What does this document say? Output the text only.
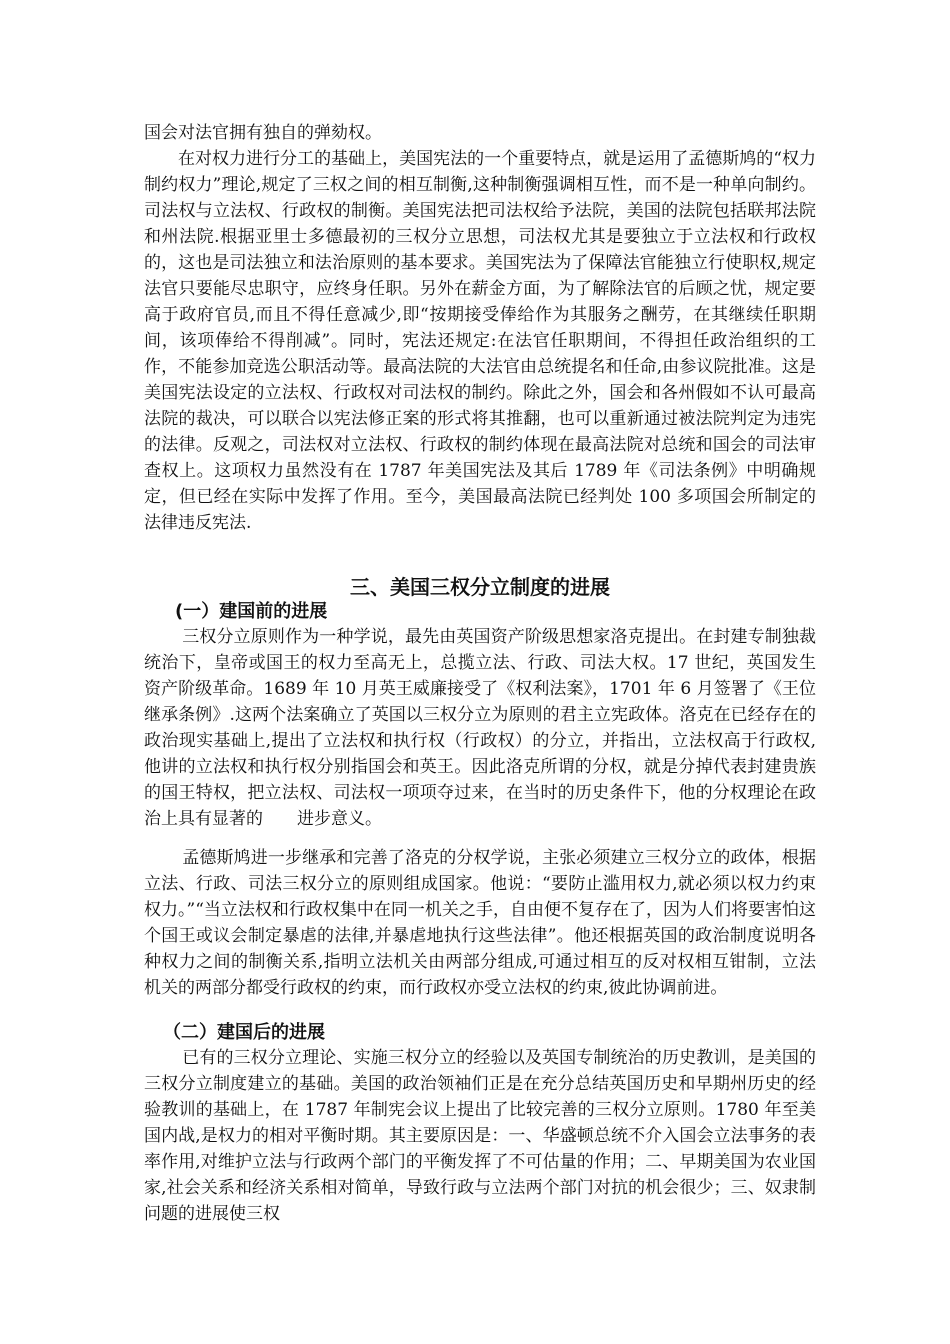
国会对法官拥有独自的弹劾权。

在对权力进行分工的基础上，美国宪法的一个重要特点，就是运用了孟德斯鸠的“权力制约权力”理论,规定了三权之间的相互制衡,这种制衡强调相互性，而不是一种单向制约。司法权与立法权、行政权的制衡。美国宪法把司法权给予法院，美国的法院包括联邦法院和州法院.根据亚里士多德最初的三权分立思想，司法权尤其是要独立于立法权和行政权的，这也是司法独立和法治原则的基本要求。美国宪法为了保障法官能独立行使职权,规定法官只要能尽忠职守，应终身任职。另外在薪金方面，为了解除法官的后顾之忧，规定要高于政府官员,而且不得任意减少,即“按期接受俸给作为其服务之酬劳，在其继续任职期间，该项俸给不得削减”。同时，宪法还规定:在法官任职期间，不得担任政治组织的工作，不能参加竞选公职活动等。最高法院的大法官由总统提名和任命,由参议院批准。这是美国宪法设定的立法权、行政权对司法权的制约。除此之外，国会和各州假如不认可最高法院的裁决，可以联合以宪法修正案的形式将其推翻，也可以重新通过被法院判定为违宪的法律。反观之，司法权对立法权、行政权的制约体现在最高法院对总统和国会的司法审查权上。这项权力虽然没有在 1787 年美国宪法及其后 1789 年《司法条例》中明确规定，但已经在实际中发挥了作用。至今，美国最高法院已经判处 100 多项国会所制定的法律违反宪法.

三、美国三权分立制度的进展
(一）建国前的进展

三权分立原则作为一种学说，最先由英国资产阶级思想家洛克提出。在封建专制独裁统治下，皇帝或国王的权力至高无上，总揽立法、行政、司法大权。17 世纪，英国发生资产阶级革命。1689 年 10 月英王威廉接受了《权利法案》，1701 年 6 月签署了《王位继承条例》.这两个法案确立了英国以三权分立为原则的君主立宪政体。洛克在已经存在的政治现实基础上,提出了立法权和执行权（行政权）的分立，并指出，立法权高于行政权,他讲的立法权和执行权分别指国会和英王。因此洛克所谓的分权，就是分掉代表封建贵族的国王特权，把立法权、司法权一项项夺过来，在当时的历史条件下，他的分权理论在政治上具有显著的　　进步意义。

孟德斯鸠进一步继承和完善了洛克的分权学说，主张必须建立三权分立的政体，根据立法、行政、司法三权分立的原则组成国家。他说：“要防止滥用权力,就必须以权力约束权力。”“当立法权和行政权集中在同一机关之手，自由便不复存在了，因为人们将要害怕这个国王或议会制定暴虐的法律,并暴虐地执行这些法律”。他还根据英国的政治制度说明各种权力之间的制衡关系,指明立法机关由两部分组成,可通过相互的反对权相互钳制，立法机关的两部分都受行政权的约束，而行政权亦受立法权的约束,彼此协调前进。

（二）建国后的进展

已有的三权分立理论、实施三权分立的经验以及英国专制统治的历史教训，是美国的三权分立制度建立的基础。美国的政治领袖们正是在充分总结英国历史和早期州历史的经验教训的基础上，在 1787 年制宪会议上提出了比较完善的三权分立原则。1780 年至美国内战,是权力的相对平衡时期。其主要原因是：一、华盛顿总统不介入国会立法事务的表率作用,对维护立法与行政两个部门的平衡发挥了不可估量的作用；二、早期美国为农业国家,社会关系和经济关系相对简单，导致行政与立法两个部门对抗的机会很少；三、奴隶制问题的进展使三权
